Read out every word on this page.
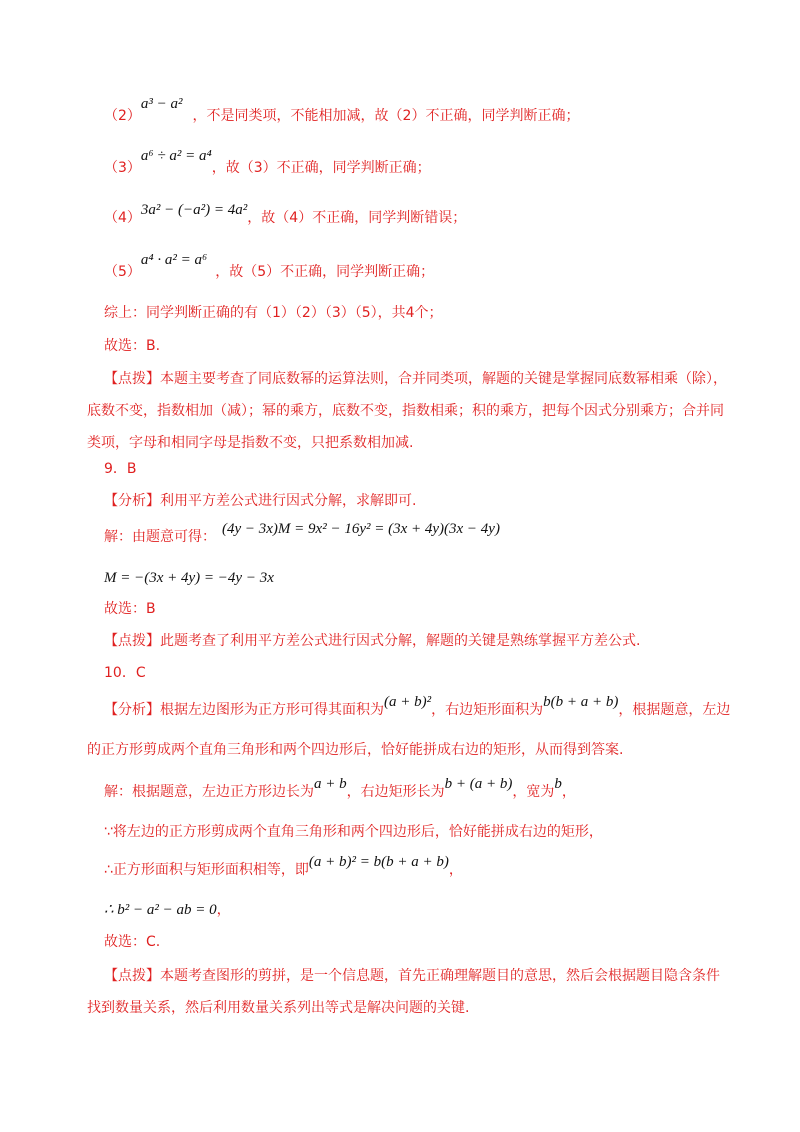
（2）a³ − a²，不是同类项，不能相加减，故（2）不正确，同学判断正确；
（3）a⁶ ÷ a² = a⁴，故（3）不正确，同学判断正确；
（4）3a² − (−a²) = 4a²，故（4）不正确，同学判断错误；
（5）a⁴ · a² = a⁶，故（5）不正确，同学判断正确；
综上：同学判断正确的有（1）（2）（3）（5），共4个；
故选：B.
【点拨】本题主要考查了同底数幂的运算法则，合并同类项，解题的关键是掌握同底数幂相乘（除），
底数不变，指数相加（减）；幂的乘方，底数不变，指数相乘；积的乘方，把每个因式分别乘方；合并同
类项，字母和相同字母是指数不变，只把系数相加减.
9．B
【分析】利用平方差公式进行因式分解，求解即可.
解：由题意可得： (4y − 3x)M = 9x² − 16y² = (3x + 4y)(3x − 4y)
M = −(3x + 4y) = −4y − 3x
故选：B
【点拨】此题考查了利用平方差公式进行因式分解，解题的关键是熟练掌握平方差公式.
10．C
【分析】根据左边图形为正方形可得其面积为(a + b)²，右边矩形面积为b(b + a + b)，根据题意，左边
的正方形剪成两个直角三角形和两个四边形后，恰好能拼成右边的矩形，从而得到答案.
解：根据题意，左边正方形边长为a + b，右边矩形长为b + (a + b)，宽为b，
∵将左边的正方形剪成两个直角三角形和两个四边形后，恰好能拼成右边的矩形，
∴正方形面积与矩形面积相等，即(a + b)² = b(b + a + b)，
∴ b² − a² − ab = 0，
故选：C.
【点拨】本题考查图形的剪拼，是一个信息题，首先正确理解题目的意思，然后会根据题目隐含条件
找到数量关系，然后利用数量关系列出等式是解决问题的关键.
